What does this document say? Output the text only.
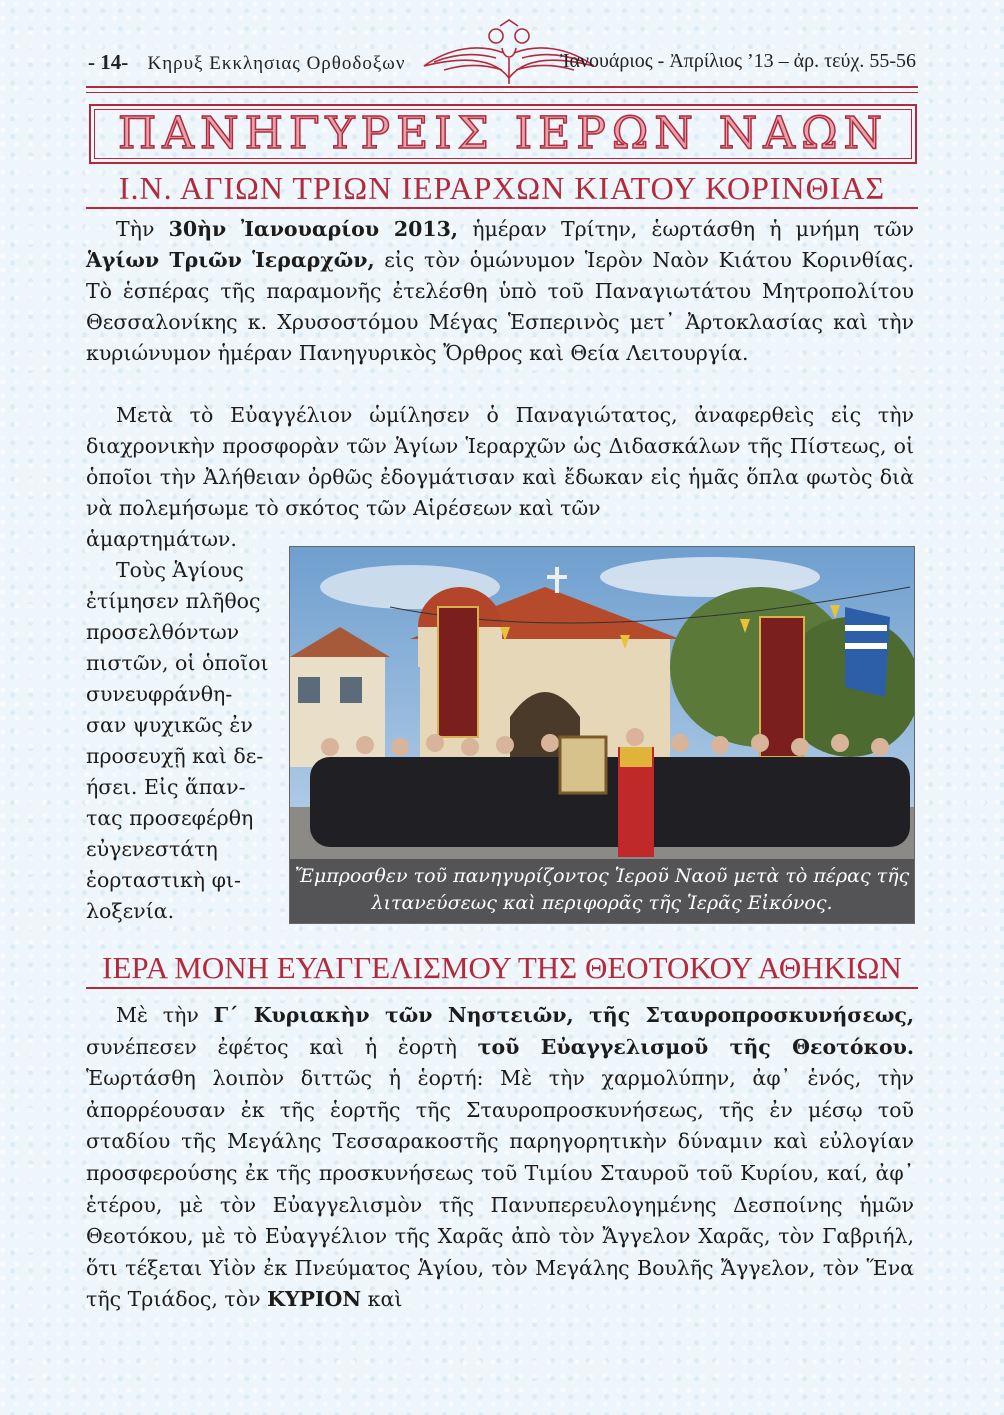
- 14- Κηρυξ Εκκλησιας Ορθοδοξων	Ἰανουάριος - Ἀπρίλιος ’13 – ἀρ. τεύχ. 55-56
ΠΑΝΗΓΥΡΕΙΣ ΙΕΡΩΝ ΝΑΩΝ
Ι.Ν. ΑΓΙΩΝ ΤΡΙΩΝ ΙΕΡΑΡΧΩΝ ΚΙΑΤΟΥ ΚΟΡΙΝΘΙΑΣ
Τὴν 30ὴν Ἰανουαρίου 2013, ἡμέραν Τρίτην, ἑωρτάσθη ἡ μνήμη τῶν Ἁγίων Τριῶν Ἱεραρχῶν, εἰς τὸν ὁμώνυμον Ἱερὸν Ναὸν Κιάτου Κορινθίας. Τὸ ἑσπέρας τῆς παραμονῆς ἐτελέσθη ὑπὸ τοῦ Παναγιωτάτου Μητροπολίτου Θεσσαλονίκης κ. Χρυσοστόμου Μέγας Ἑσπερινὸς μετ᾽ Ἀρτοκλασίας καὶ τὴν κυριώνυμον ἡμέραν Πανηγυρικὸς Ὄρθρος καὶ Θεία Λειτουργία.
Μετὰ τὸ Εὐαγγέλιον ὡμίλησεν ὁ Παναγιώτατος, ἀναφερθεὶς εἰς τὴν διαχρονικὴν προσφορὰν τῶν Ἁγίων Ἱεραρχῶν ὡς Διδασκάλων τῆς Πίστεως, οἱ ὁποῖοι τὴν Ἀλήθειαν ὀρθῶς ἐδογμάτισαν καὶ ἔδωκαν εἰς ἡμᾶς ὅπλα φωτὸς διὰ νὰ πολεμήσωμε τὸ σκότος τῶν Αἱρέσεων καὶ τῶν
ἁμαρτημάτων.
Τοὺς Ἁγίους
ἐτίμησεν πλῆθος
προσελθόντων
πιστῶν, οἱ ὁποῖοι
συνευφράνθη-
σαν ψυχικῶς ἐν
προσευχῇ καὶ δε-
ήσει. Εἰς ἅπαν-
τας προσεφέρθη
εὐγενεστάτη
ἑορταστικὴ φι-
λοξενία.
Ἔμπροσθεν τοῦ πανηγυρίζοντος Ἱεροῦ Ναοῦ μετὰ τὸ πέρας τῆς λιτανεύσεως καὶ περιφορᾶς τῆς Ἱερᾶς Εἰκόνος.
ΙΕΡΑ ΜΟΝΗ ΕΥΑΓΓΕΛΙΣΜΟΥ ΤΗΣ ΘΕΟΤΟΚΟΥ ΑΘΗΚΙΩΝ
Μὲ τὴν Γ΄ Κυριακὴν τῶν Νηστειῶν, τῆς Σταυροπροσκυνήσεως, συνέπεσεν ἐφέτος καὶ ἡ ἑορτὴ τοῦ Εὐαγγελισμοῦ τῆς Θεοτόκου. Ἑωρτάσθη λοιπὸν διττῶς ἡ ἑορτή: Μὲ τὴν χαρμολύπην, ἀφ᾽ ἑνός, τὴν ἀπορρέουσαν ἐκ τῆς ἑορτῆς τῆς Σταυροπροσκυνήσεως, τῆς ἐν μέσῳ τοῦ σταδίου τῆς Μεγάλης Τεσσαρακοστῆς παρηγορητικὴν δύναμιν καὶ εὐλογίαν προσφερούσης ἐκ τῆς προσκυνήσεως τοῦ Τιμίου Σταυροῦ τοῦ Κυρίου, καί, ἀφ᾽ ἑτέρου, μὲ τὸν Εὐαγγελισμὸν τῆς Πανυπερευλογημένης Δεσποίνης ἡμῶν Θεοτόκου, μὲ τὸ Εὐαγγέλιον τῆς Χαρᾶς ἀπὸ τὸν Ἄγγελον Χαρᾶς, τὸν Γαβριήλ, ὅτι τέξεται Υἱὸν ἐκ Πνεύματος Ἁγίου, τὸν Μεγάλης Βουλῆς Ἄγγελον, τὸν Ἕνα τῆς Τριάδος, τὸν ΚΥΡΙΟΝ καὶ
